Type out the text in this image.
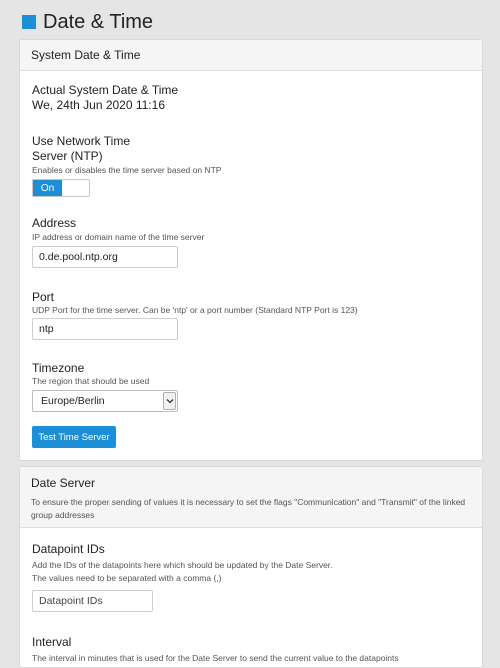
Date & Time
System Date & Time
Actual System Date & Time
We, 24th Jun 2020 11:16
Use Network Time
Server (NTP)
Enables or disables the time server based on NTP
On
Address
IP address or domain name of the time server
0.de.pool.ntp.org
Port
UDP Port for the time server. Can be 'ntp' or a port number (Standard NTP Port is 123)
ntp
Timezone
The region that should be used
Europe/Berlin
Test Time Server
Date Server
To ensure the proper sending of values it is necessary to set the flags "Communication" and "Transmit" of the linked
group addresses
Datapoint IDs
Add the IDs of the datapoints here which should be updated by the Date Server.
The values need to be separated with a comma (,)
Datapoint IDs
Interval
The interval in minutes that is used for the Date Server to send the current value to the datapoints
